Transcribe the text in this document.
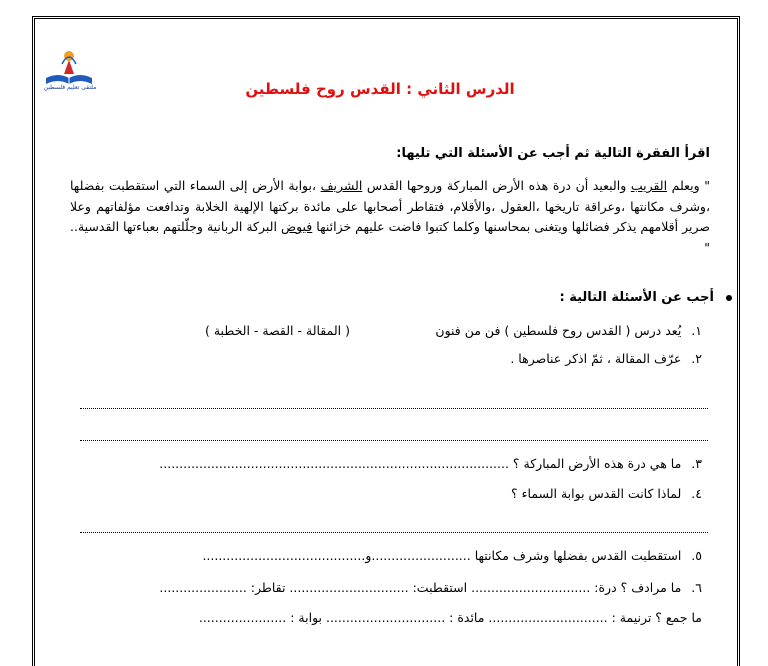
ملتقى تعليم فلسطين	الدرس الثاني : القدس روح فلسطين
اقرأ الفقرة التالية ثم أجب عن الأسئلة التي تليها:
" ويعلم القريب والبعيد أن درة هذه الأرض المباركة وروحها القدس الشريف ،بوابة الأرض إلى السماء التي استقطبت بفضلها ،وشرف مكانتها ،وعراقة تاريخها ،العقول ،والأقلام، فتقاطر أصحابها على مائدة بركتها الإلهية الخلابة وتدافعت مؤلفاتهم وعلا صرير أقلامهم يذكر فضائلها ويتغنى بمحاسنها وكلما كتبوا فاضت عليهم خزائنها فيوض البركة الربانية وجلّلتهم بعباءتها القدسية.. "
أجب عن الأسئلة التالية :
١.يُعد درس ( القدس روح فلسطين ) فن من فنون
( المقالة - القصة - الخطبة )
٢.عرّف المقالة ، ثمّ اذكر عناصرها .
٣.ما هي درة هذه الأرض المباركة ؟ ........................................................................................
٤.لماذا كانت القدس بوابة السماء ؟
٥.استقطبت القدس بفضلها وشرف مكانتها .........................و.........................................
٦.ما مرادف ؟ درة: .............................. استقطبت: .............................. تقاطر: ......................
ما جمع ؟ ترنيمة : .............................. مائدة : .............................. بوابة : ......................
